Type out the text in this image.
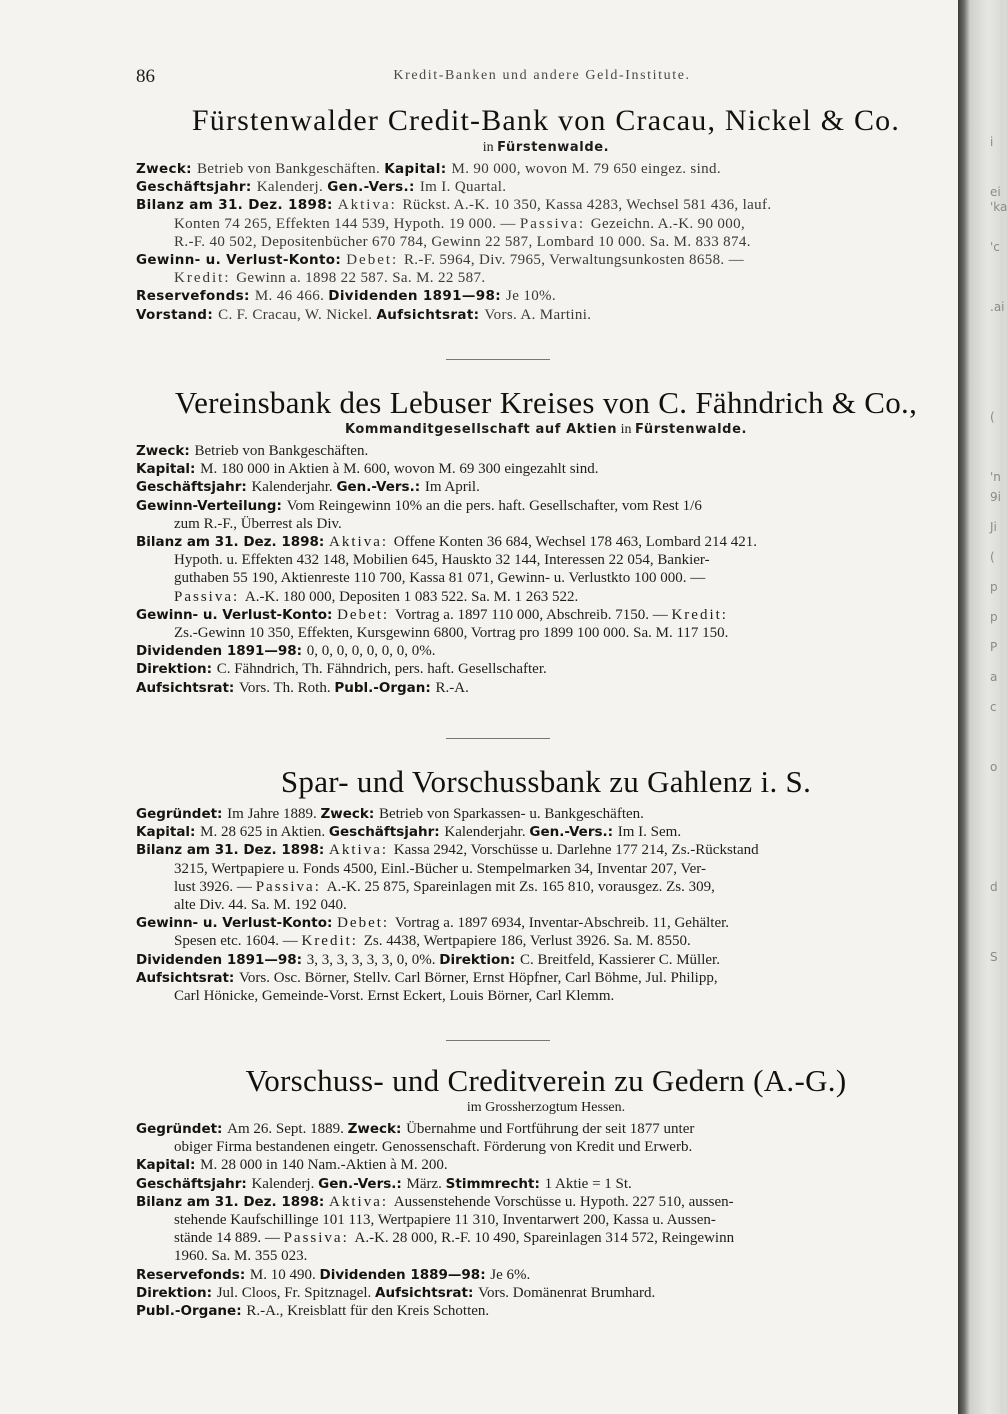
86	Kredit-Banken und andere Geld-Institute.
Fürstenwalder Credit-Bank von Cracau, Nickel & Co.
in Fürstenwalde.
Zweck: Betrieb von Bankgeschäften. Kapital: M. 90 000, wovon M. 79 650 eingez. sind.
Geschäftsjahr: Kalenderj. Gen.-Vers.: Im I. Quartal.
Bilanz am 31. Dez. 1898: Aktiva: Rückst. A.-K. 10 350, Kassa 4283, Wechsel 581 436, lauf.
Konten 74 265, Effekten 144 539, Hypoth. 19 000. — Passiva: Gezeichn. A.-K. 90 000,
R.-F. 40 502, Depositenbücher 670 784, Gewinn 22 587, Lombard 10 000. Sa. M. 833 874.
Gewinn- u. Verlust-Konto: Debet: R.-F. 5964, Div. 7965, Verwaltungsunkosten 8658. —
Kredit: Gewinn a. 1898 22 587. Sa. M. 22 587.
Reservefonds: M. 46 466. Dividenden 1891—98: Je 10%.
Vorstand: C. F. Cracau, W. Nickel. Aufsichtsrat: Vors. A. Martini.
Vereinsbank des Lebuser Kreises von C. Fähndrich & Co.,
Kommanditgesellschaft auf Aktien in Fürstenwalde.
Zweck: Betrieb von Bankgeschäften.
Kapital: M. 180 000 in Aktien à M. 600, wovon M. 69 300 eingezahlt sind.
Geschäftsjahr: Kalenderjahr. Gen.-Vers.: Im April.
Gewinn-Verteilung: Vom Reingewinn 10% an die pers. haft. Gesellschafter, vom Rest 1/6
zum R.-F., Überrest als Div.
Bilanz am 31. Dez. 1898: Aktiva: Offene Konten 36 684, Wechsel 178 463, Lombard 214 421.
Hypoth. u. Effekten 432 148, Mobilien 645, Hauskto 32 144, Interessen 22 054, Bankier-
guthaben 55 190, Aktienreste 110 700, Kassa 81 071, Gewinn- u. Verlustkto 100 000. —
Passiva: A.-K. 180 000, Depositen 1 083 522. Sa. M. 1 263 522.
Gewinn- u. Verlust-Konto: Debet: Vortrag a. 1897 110 000, Abschreib. 7150. — Kredit:
Zs.-Gewinn 10 350, Effekten, Kursgewinn 6800, Vortrag pro 1899 100 000. Sa. M. 117 150.
Dividenden 1891—98: 0, 0, 0, 0, 0, 0, 0, 0%.
Direktion: C. Fähndrich, Th. Fähndrich, pers. haft. Gesellschafter.
Aufsichtsrat: Vors. Th. Roth. Publ.-Organ: R.-A.
Spar- und Vorschussbank zu Gahlenz i. S.
Gegründet: Im Jahre 1889. Zweck: Betrieb von Sparkassen- u. Bankgeschäften.
Kapital: M. 28 625 in Aktien. Geschäftsjahr: Kalenderjahr. Gen.-Vers.: Im I. Sem.
Bilanz am 31. Dez. 1898: Aktiva: Kassa 2942, Vorschüsse u. Darlehne 177 214, Zs.-Rückstand
3215, Wertpapiere u. Fonds 4500, Einl.-Bücher u. Stempelmarken 34, Inventar 207, Ver-
lust 3926. — Passiva: A.-K. 25 875, Spareinlagen mit Zs. 165 810, vorausgez. Zs. 309,
alte Div. 44. Sa. M. 192 040.
Gewinn- u. Verlust-Konto: Debet: Vortrag a. 1897 6934, Inventar-Abschreib. 11, Gehälter.
Spesen etc. 1604. — Kredit: Zs. 4438, Wertpapiere 186, Verlust 3926. Sa. M. 8550.
Dividenden 1891—98: 3, 3, 3, 3, 3, 3, 0, 0%. Direktion: C. Breitfeld, Kassierer C. Müller.
Aufsichtsrat: Vors. Osc. Börner, Stellv. Carl Börner, Ernst Höpfner, Carl Böhme, Jul. Philipp,
Carl Hönicke, Gemeinde-Vorst. Ernst Eckert, Louis Börner, Carl Klemm.
Vorschuss- und Creditverein zu Gedern (A.-G.)
im Grossherzogtum Hessen.
Gegründet: Am 26. Sept. 1889. Zweck: Übernahme und Fortführung der seit 1877 unter
obiger Firma bestandenen eingetr. Genossenschaft. Förderung von Kredit und Erwerb.
Kapital: M. 28 000 in 140 Nam.-Aktien à M. 200.
Geschäftsjahr: Kalenderj. Gen.-Vers.: März. Stimmrecht: 1 Aktie = 1 St.
Bilanz am 31. Dez. 1898: Aktiva: Aussenstehende Vorschüsse u. Hypoth. 227 510, aussen-
stehende Kaufschillinge 101 113, Wertpapiere 11 310, Inventarwert 200, Kassa u. Aussen-
stände 14 889. — Passiva: A.-K. 28 000, R.-F. 10 490, Spareinlagen 314 572, Reingewinn
1960. Sa. M. 355 023.
Reservefonds: M. 10 490. Dividenden 1889—98: Je 6%.
Direktion: Jul. Cloos, Fr. Spitznagel. Aufsichtsrat: Vors. Domänenrat Brumhard.
Publ.-Organe: R.-A., Kreisblatt für den Kreis Schotten.
i
ei
'ka
'c
.ai
(
'n
9i
Ji
(
p
p
P
a
c
o
d
S
